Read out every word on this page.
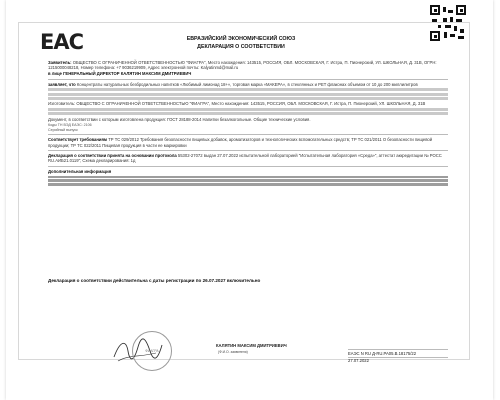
EAC	ЕВРАЗИЙСКИЙ ЭКОНОМИЧЕСКИЙ СОЮЗ
ДЕКЛАРАЦИЯ О СООТВЕТСТВИИ
Заявитель: ОБЩЕСТВО С ОГРАНИЧЕННОЙ ОТВЕТСТВЕННОСТЬЮ "ФИАГРА", Место нахождения: 143515, РОССИЯ, ОБЛ. МОСКОВСКАЯ, Г. Истра, П. Пионерский, УЛ. ШКОЛЬНАЯ, Д. 31В, ОГРН: 1215000048218, Номер телефона: +7 9036219909, Адрес электронной почты: Kalyatinmd@mail.ru
в лице ГЕНЕРАЛЬНЫЙ ДИРЕКТОР КАЛЯТИН МАКСИМ ДМИТРИЕВИЧ
заявляет, что Концентраты натуральных безбродильных напитков «Любимый лимонад 18+», торговая марка «МАКЕРА», в стеклянных и PET флаконах объемом от 10 до 200 миллилитров
Изготовитель: ОБЩЕСТВО С ОГРАНИЧЕННОЙ ОТВЕТСТВЕННОСТЬЮ "ФИАГРА", Место нахождения: 143515, РОССИЯ, ОБЛ. МОСКОВСКАЯ, Г. Истра, П. Пионерский, УЛ. ШКОЛЬНАЯ, Д. 31В
Документ, в соответствии с которым изготовлена продукция: ГОСТ 28188-2014 Напитки безалкогольные. Общие технические условия.
Коды ТН ВЭД ЕАЭС: 2106
Серийный выпуск
Соответствует требованиям ТР ТС 029/2012 Требования безопасности пищевых добавок, ароматизаторов и технологических вспомогательных средств; ТР ТС 021/2011 О безопасности пищевой продукции; ТР ТС 022/2011 Пищевая продукция в части ее маркировки
Декларация о соответствии принята на основании протокола 55302-27072 выдан 27.07.2022 испытательной лабораторией "Испытательная лаборатория «Среда»", аттестат аккредитации № РОСС RU.АИБ21.0119"; Схема декларирования: 1д
Дополнительная информация
Декларация о соответствии действительна с даты регистрации по 26.07.2027 включительно
ФИАГРА
КАЛЯТИН МАКСИМ ДМИТРИЕВИЧ
(Ф.И.О. заявителя)	ЕАЭС N RU Д-RU.PA05.В.18175/22
27.07.2022
